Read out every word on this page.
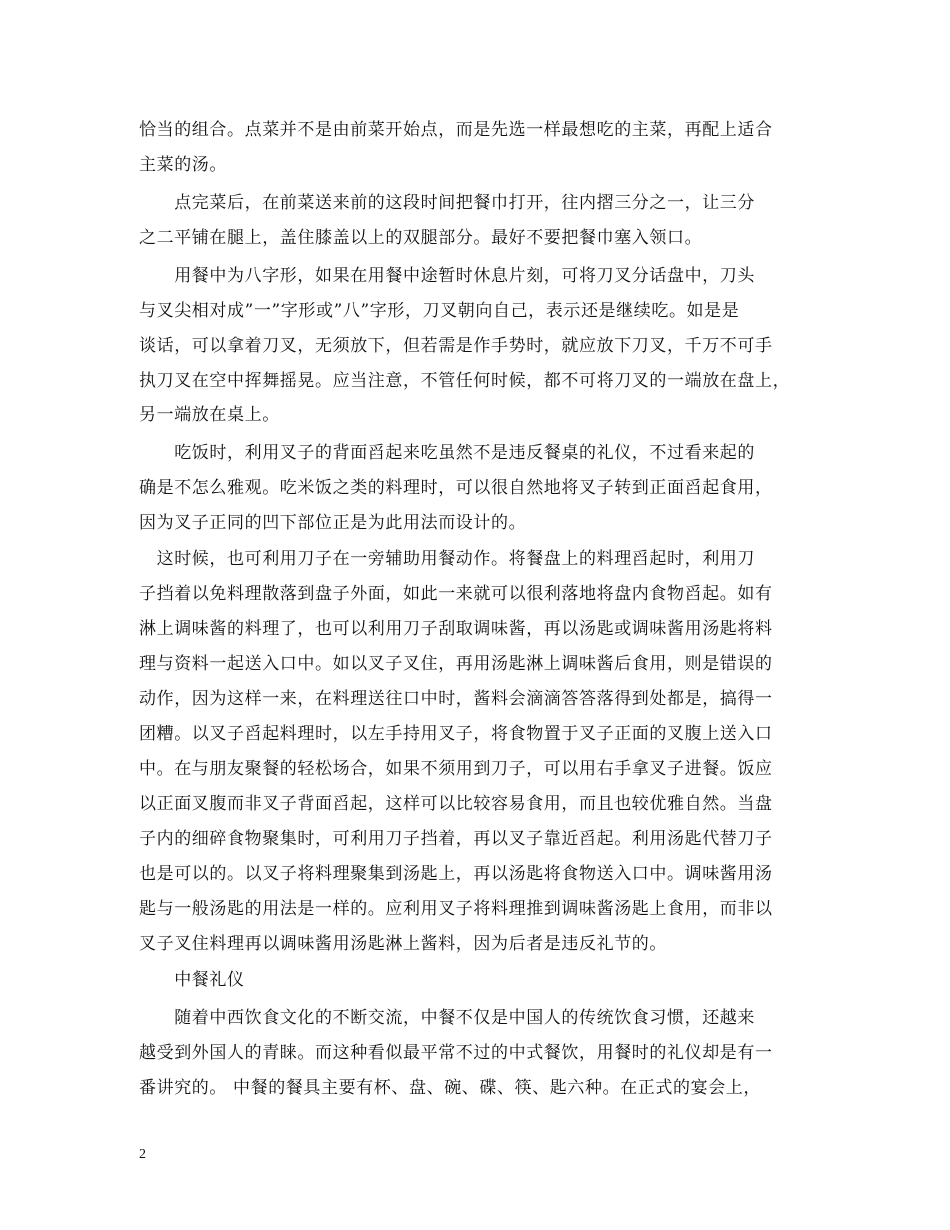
恰当的组合。点菜并不是由前菜开始点，而是先选一样最想吃的主菜，再配上适合
主菜的汤。
　　点完菜后，在前菜送来前的这段时间把餐巾打开，往内摺三分之一，让三分
之二平铺在腿上，盖住膝盖以上的双腿部分。最好不要把餐巾塞入领口。
　　用餐中为八字形，如果在用餐中途暂时休息片刻，可将刀叉分话盘中，刀头
与叉尖相对成”一”字形或”八”字形，刀叉朝向自己，表示还是继续吃。如是是
谈话，可以拿着刀叉，无须放下，但若需是作手势时，就应放下刀叉，千万不可手
执刀叉在空中挥舞摇晃。应当注意，不管任何时候，都不可将刀叉的一端放在盘上，
另一端放在桌上。
　　吃饭时，利用叉子的背面舀起来吃虽然不是违反餐桌的礼仪，不过看来起的
确是不怎么雅观。吃米饭之类的料理时，可以很自然地将叉子转到正面舀起食用，
因为叉子正同的凹下部位正是为此用法而设计的。
　这时候，也可利用刀子在一旁辅助用餐动作。将餐盘上的料理舀起时，利用刀
子挡着以免料理散落到盘子外面，如此一来就可以很利落地将盘内食物舀起。如有
淋上调味酱的料理了，也可以利用刀子刮取调味酱，再以汤匙或调味酱用汤匙将料
理与资料一起送入口中。如以叉子叉住，再用汤匙淋上调味酱后食用，则是错误的
动作，因为这样一来，在料理送往口中时，酱料会滴滴答答落得到处都是，搞得一
团糟。以叉子舀起料理时，以左手持用叉子，将食物置于叉子正面的叉腹上送入口
中。在与朋友聚餐的轻松场合，如果不须用到刀子，可以用右手拿叉子进餐。饭应
以正面叉腹而非叉子背面舀起，这样可以比较容易食用，而且也较优雅自然。当盘
子内的细碎食物聚集时，可利用刀子挡着，再以叉子靠近舀起。利用汤匙代替刀子
也是可以的。以叉子将料理聚集到汤匙上，再以汤匙将食物送入口中。调味酱用汤
匙与一般汤匙的用法是一样的。应利用叉子将料理推到调味酱汤匙上食用，而非以
叉子叉住料理再以调味酱用汤匙淋上酱料，因为后者是违反礼节的。
　　中餐礼仪
　　随着中西饮食文化的不断交流，中餐不仅是中国人的传统饮食习惯，还越来
越受到外国人的青睐。而这种看似最平常不过的中式餐饮，用餐时的礼仪却是有一
番讲究的。 中餐的餐具主要有杯、盘、碗、碟、筷、匙六种。在正式的宴会上，
2
